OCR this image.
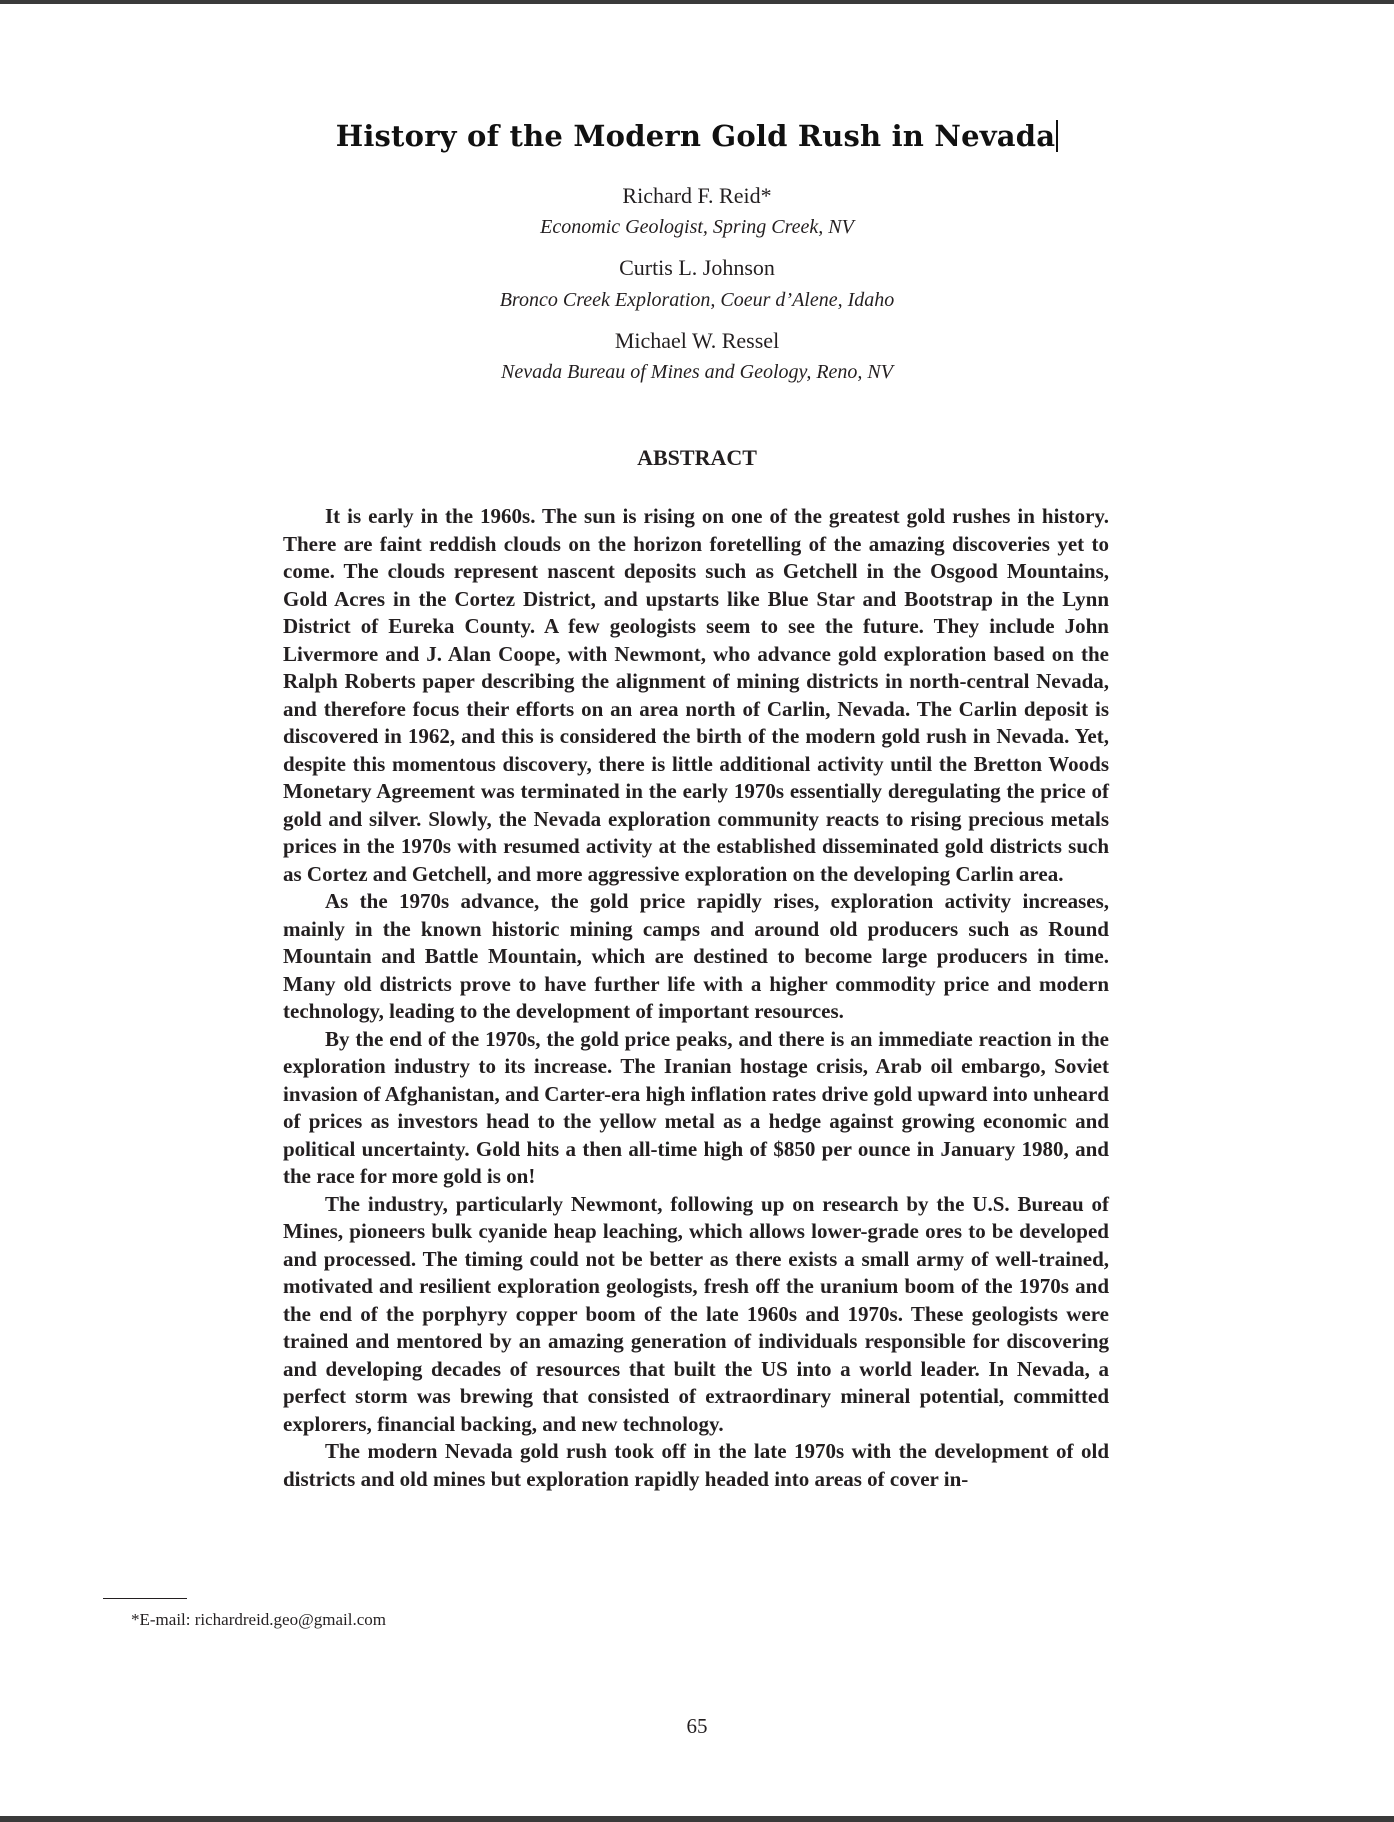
History of the Modern Gold Rush in Nevada
Richard F. Reid*
Economic Geologist, Spring Creek, NV
Curtis L. Johnson
Bronco Creek Exploration, Coeur d’Alene, Idaho
Michael W. Ressel
Nevada Bureau of Mines and Geology, Reno, NV
ABSTRACT

It is early in the 1960s. The sun is rising on one of the greatest gold rushes in history. There are faint reddish clouds on the horizon foretelling of the amazing discoveries yet to come. The clouds represent nascent deposits such as Getchell in the Osgood Mountains, Gold Acres in the Cortez District, and upstarts like Blue Star and Bootstrap in the Lynn District of Eureka County. A few geologists seem to see the future. They include John Livermore and J. Alan Coope, with Newmont, who advance gold exploration based on the Ralph Roberts paper describing the alignment of mining districts in north-central Nevada, and therefore focus their efforts on an area north of Carlin, Nevada. The Carlin deposit is discovered in 1962, and this is considered the birth of the modern gold rush in Nevada. Yet, despite this momentous discovery, there is little additional activity until the Bretton Woods Monetary Agreement was terminated in the early 1970s essentially deregulating the price of gold and silver. Slowly, the Nevada exploration community reacts to rising precious metals prices in the 1970s with resumed activity at the established disseminated gold districts such as Cortez and Getchell, and more aggressive exploration on the developing Carlin area.

As the 1970s advance, the gold price rapidly rises, exploration activity increases, mainly in the known historic mining camps and around old producers such as Round Mountain and Battle Mountain, which are destined to become large producers in time. Many old districts prove to have further life with a higher commodity price and modern technology, leading to the development of important resources.

By the end of the 1970s, the gold price peaks, and there is an immediate reaction in the exploration industry to its increase. The Iranian hostage crisis, Arab oil embargo, Soviet invasion of Afghanistan, and Carter-era high inflation rates drive gold upward into unheard of prices as investors head to the yellow metal as a hedge against growing economic and political uncertainty. Gold hits a then all-time high of $850 per ounce in January 1980, and the race for more gold is on!

The industry, particularly Newmont, following up on research by the U.S. Bureau of Mines, pioneers bulk cyanide heap leaching, which allows lower-grade ores to be developed and processed. The timing could not be better as there exists a small army of well-trained, motivated and resilient exploration geologists, fresh off the uranium boom of the 1970s and the end of the porphyry copper boom of the late 1960s and 1970s. These geologists were trained and mentored by an amazing generation of individuals responsible for discovering and developing decades of resources that built the US into a world leader. In Nevada, a perfect storm was brewing that consisted of extraordinary mineral potential, committed explorers, financial backing, and new technology.

The modern Nevada gold rush took off in the late 1970s with the development of old districts and old mines but exploration rapidly headed into areas of cover in-

*E-mail: richardreid.geo@gmail.com
65
